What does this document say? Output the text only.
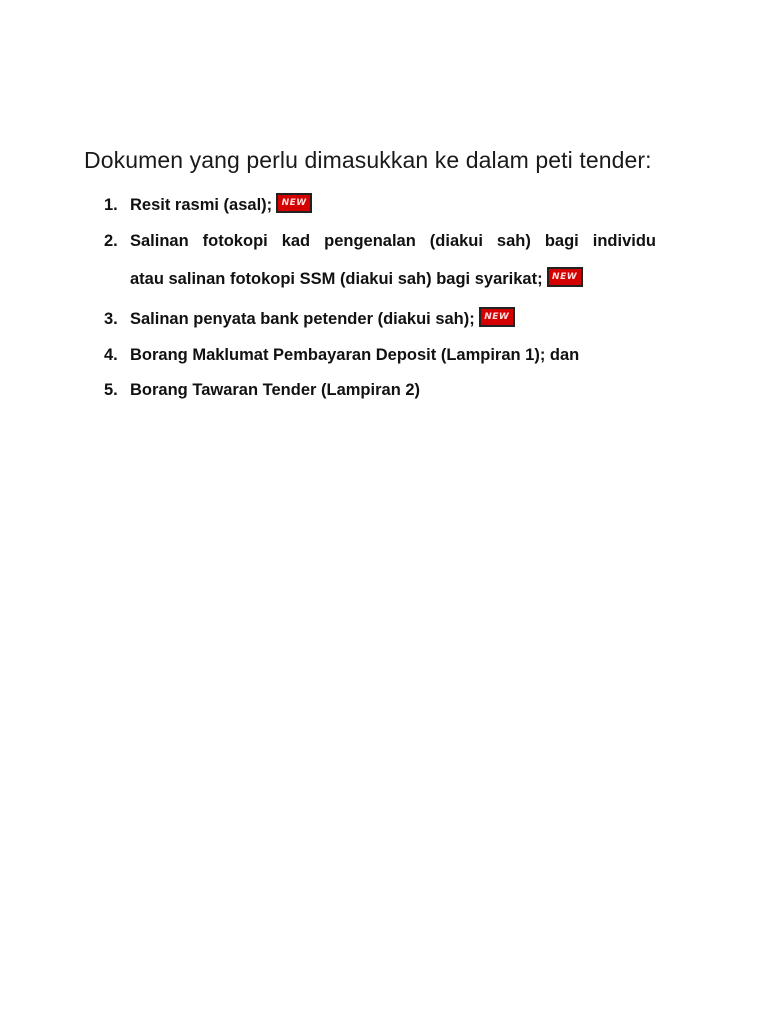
Dokumen yang perlu dimasukkan ke dalam peti tender:
1. Resit rasmi (asal);	NEW
2. Salinan fotokopi kad pengenalan (diakui sah) bagi individu
atau salinan fotokopi SSM (diakui sah) bagi syarikat;	NEW
3. Salinan penyata bank petender (diakui sah);	NEW
4. Borang Maklumat Pembayaran Deposit (Lampiran 1); dan
5. Borang Tawaran Tender (Lampiran 2)
